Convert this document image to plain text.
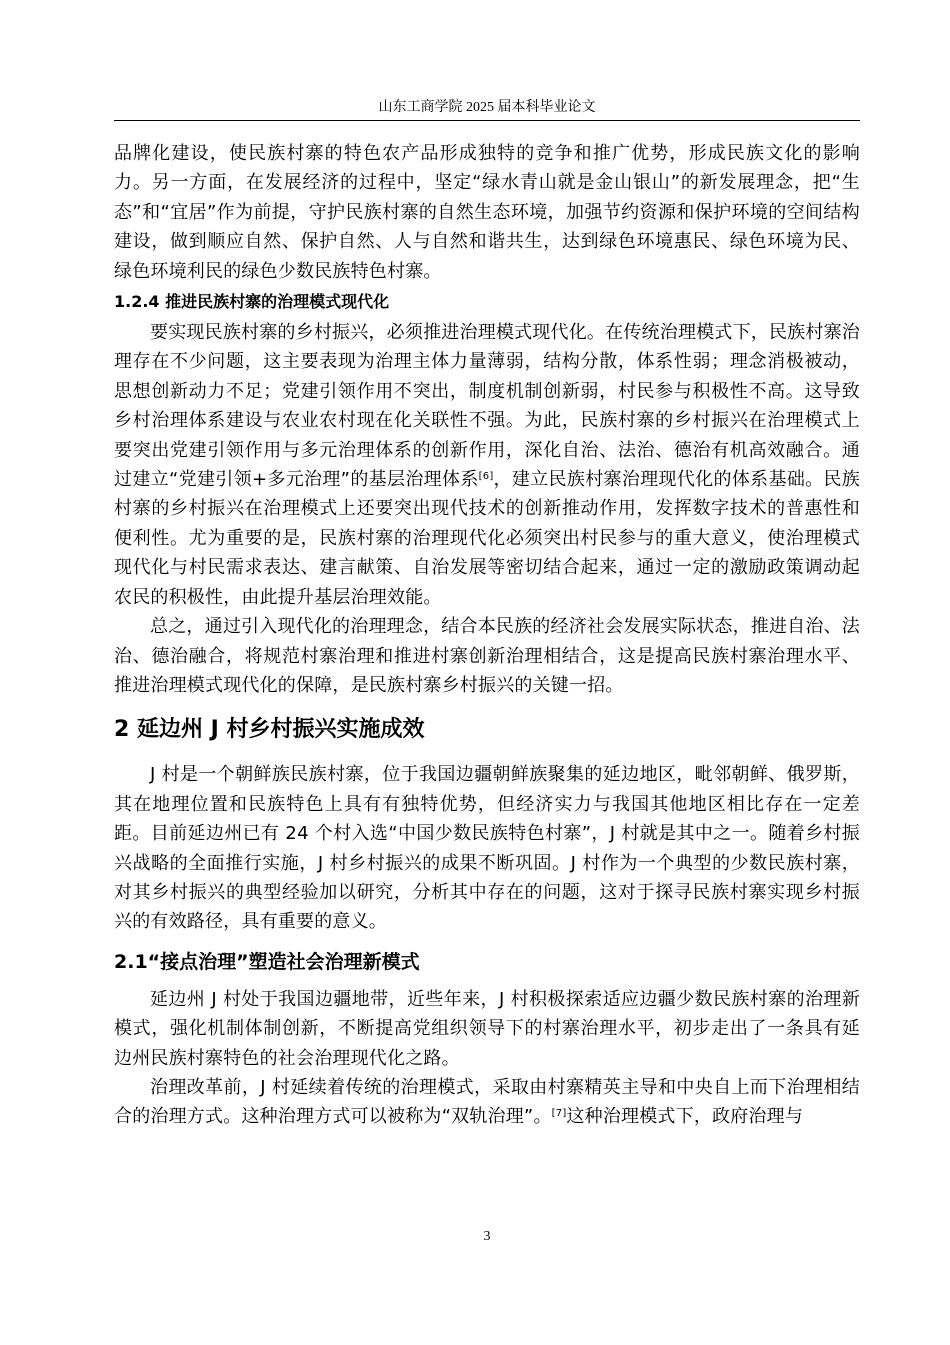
山东工商学院 2025 届本科毕业论文

品牌化建设，使民族村寨的特色农产品形成独特的竞争和推广优势，形成民族文化的影响力。另一方面，在发展经济的过程中，坚定“绿水青山就是金山银山”的新发展理念，把“生态”和“宜居”作为前提，守护民族村寨的自然生态环境，加强节约资源和保护环境的空间结构建设，做到顺应自然、保护自然、人与自然和谐共生，达到绿色环境惠民、绿色环境为民、绿色环境利民的绿色少数民族特色村寨。

1.2.4 推进民族村寨的治理模式现代化

要实现民族村寨的乡村振兴，必须推进治理模式现代化。在传统治理模式下，民族村寨治理存在不少问题，这主要表现为治理主体力量薄弱，结构分散，体系性弱；理念消极被动，思想创新动力不足；党建引领作用不突出，制度机制创新弱，村民参与积极性不高。这导致乡村治理体系建设与农业农村现在化关联性不强。为此，民族村寨的乡村振兴在治理模式上要突出党建引领作用与多元治理体系的创新作用，深化自治、法治、德治有机高效融合。通过建立“党建引领+多元治理”的基层治理体系[6]，建立民族村寨治理现代化的体系基础。民族村寨的乡村振兴在治理模式上还要突出现代技术的创新推动作用，发挥数字技术的普惠性和便利性。尤为重要的是，民族村寨的治理现代化必须突出村民参与的重大意义，使治理模式现代化与村民需求表达、建言献策、自治发展等密切结合起来，通过一定的激励政策调动起农民的积极性，由此提升基层治理效能。

总之，通过引入现代化的治理理念，结合本民族的经济社会发展实际状态，推进自治、法治、德治融合，将规范村寨治理和推进村寨创新治理相结合，这是提高民族村寨治理水平、推进治理模式现代化的保障，是民族村寨乡村振兴的关键一招。

2 延边州 J 村乡村振兴实施成效

J 村是一个朝鲜族民族村寨，位于我国边疆朝鲜族聚集的延边地区，毗邻朝鲜、俄罗斯，其在地理位置和民族特色上具有有独特优势，但经济实力与我国其他地区相比存在一定差距。目前延边州已有 24 个村入选“中国少数民族特色村寨”，J 村就是其中之一。随着乡村振兴战略的全面推行实施，J 村乡村振兴的成果不断巩固。J 村作为一个典型的少数民族村寨，对其乡村振兴的典型经验加以研究，分析其中存在的问题，这对于探寻民族村寨实现乡村振兴的有效路径，具有重要的意义。

2.1“接点治理”塑造社会治理新模式

延边州 J 村处于我国边疆地带，近些年来，J 村积极探索适应边疆少数民族村寨的治理新模式，强化机制体制创新，不断提高党组织领导下的村寨治理水平，初步走出了一条具有延边州民族村寨特色的社会治理现代化之路。

治理改革前，J 村延续着传统的治理模式，采取由村寨精英主导和中央自上而下治理相结合的治理方式。这种治理方式可以被称为“双轨治理”。[7]这种治理模式下，政府治理与

3
